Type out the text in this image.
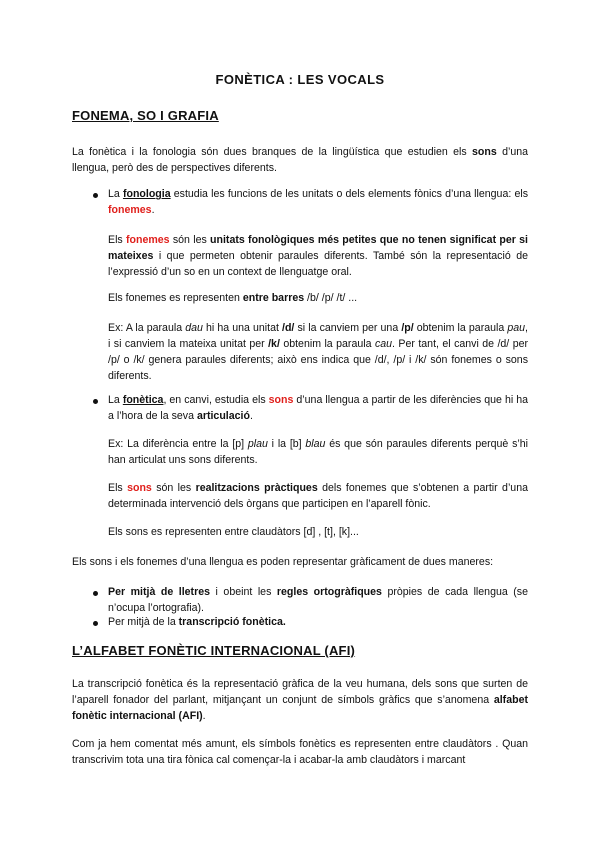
FONÈTICA : LES VOCALS
FONEMA, SO I GRAFIA
La fonètica i la fonologia són dues branques de la lingüística que estudien els sons d’una llengua, però des de perspectives diferents.
La fonologia estudia les funcions de les unitats o dels elements fònics d’una llengua: els fonemes.
Els fonemes són les unitats fonològiques més petites que no tenen significat per si mateixes i que permeten obtenir paraules diferents. També són la representació de l’expressió d’un so en un context de llenguatge oral.
Els fonemes es representen entre barres /b/ /p/ /t/ ...
Ex: A la paraula dau hi ha una unitat /d/ si la canviem per una /p/ obtenim la paraula pau, i si canviem la mateixa unitat per /k/ obtenim la paraula cau. Per tant, el canvi de /d/ per /p/ o /k/ genera paraules diferents; això ens indica que /d/, /p/ i /k/ són fonemes o sons diferents.
La fonètica, en canvi, estudia els sons d’una llengua a partir de les diferències que hi ha a l’hora de la seva articulació.
Ex: La diferència entre la [p] plau i la [b] blau és que són paraules diferents perquè s’hi han articulat uns sons diferents.
Els sons són les realitzacions pràctiques dels fonemes que s’obtenen a partir d’una determinada intervenció dels òrgans que participen en l’aparell fònic.
Els sons es representen entre claudàtors [d] , [t], [k]...
Els sons i els fonemes d’una llengua es poden representar gràficament de dues maneres:
Per mitjà de lletres i obeint les regles ortogràfiques pròpies de cada llengua (se n’ocupa l’ortografia).
Per mitjà de la transcripció fonètica.
L’ALFABET FONÈTIC INTERNACIONAL (AFI)
La transcripció fonètica és la representació gràfica de la veu humana, dels sons que surten de l’aparell fonador del parlant, mitjançant un conjunt de símbols gràfics que s’anomena alfabet fonètic internacional (AFI).
Com ja hem comentat més amunt, els símbols fonètics es representen entre claudàtors . Quan transcrivim tota una tira fònica cal començar-la i acabar-la amb claudàtors i marcant
